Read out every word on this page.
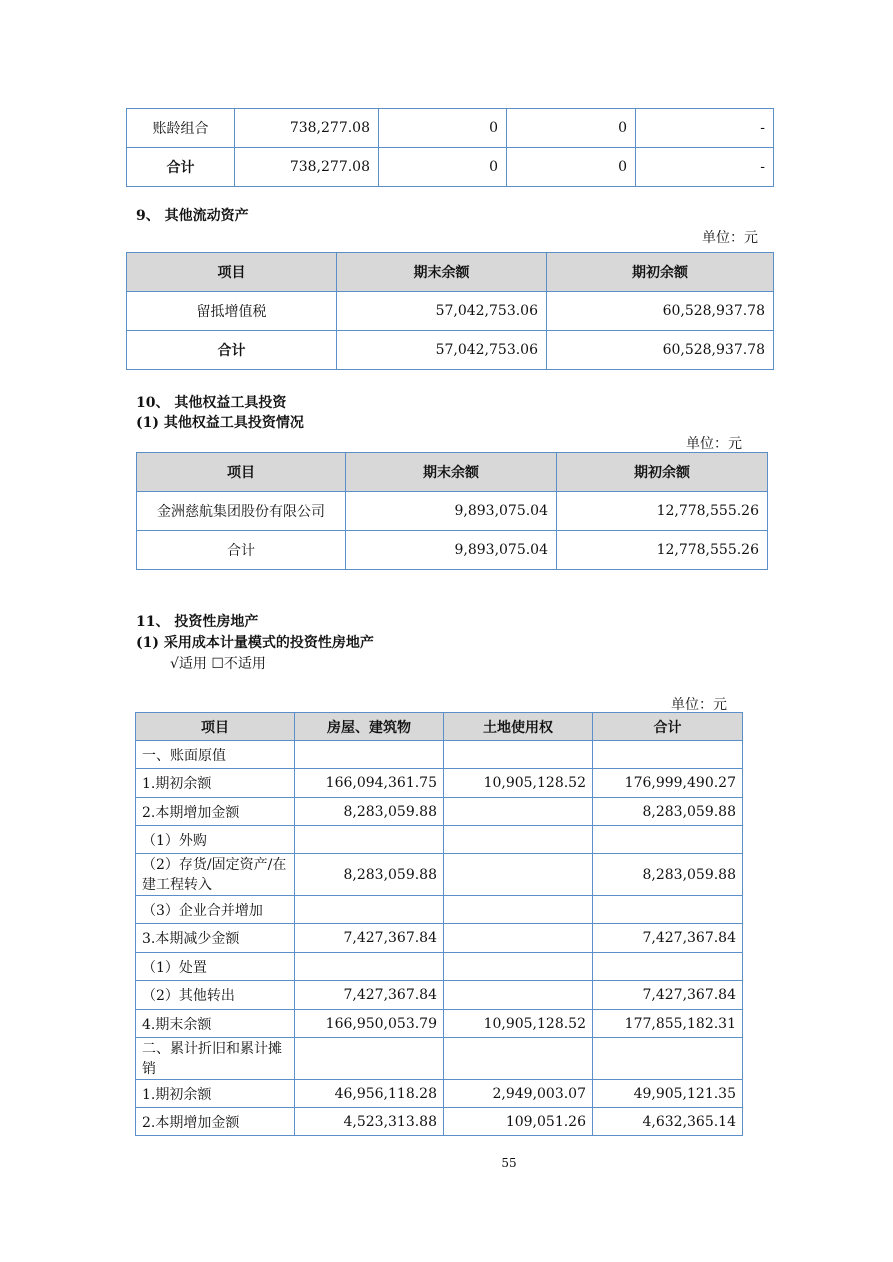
账龄组合	738,277.08	0	0	-
合计	738,277.08	0	0	-
9、 其他流动资产
单位：元
项目	期末余额	期初余额
留抵增值税	57,042,753.06	60,528,937.78
合计	57,042,753.06	60,528,937.78
10、 其他权益工具投资
(1) 其他权益工具投资情况
单位：元
项目	期末余额	期初余额
金洲慈航集团股份有限公司	9,893,075.04	12,778,555.26
合计	9,893,075.04	12,778,555.26
11、 投资性房地产
(1) 采用成本计量模式的投资性房地产
√适用 ☐不适用
单位：元
项目	房屋、建筑物	土地使用权	合计
一、账面原值			
1.期初余额	166,094,361.75	10,905,128.52	176,999,490.27
2.本期增加金额	8,283,059.88		8,283,059.88
（1）外购			
（2）存货/固定资产/在建工程转入	8,283,059.88		8,283,059.88
（3）企业合并增加			
3.本期减少金额	7,427,367.84		7,427,367.84
（1）处置			
（2）其他转出	7,427,367.84		7,427,367.84
4.期末余额	166,950,053.79	10,905,128.52	177,855,182.31
二、累计折旧和累计摊销			
1.期初余额	46,956,118.28	2,949,003.07	49,905,121.35
2.本期增加金额	4,523,313.88	109,051.26	4,632,365.14
55
